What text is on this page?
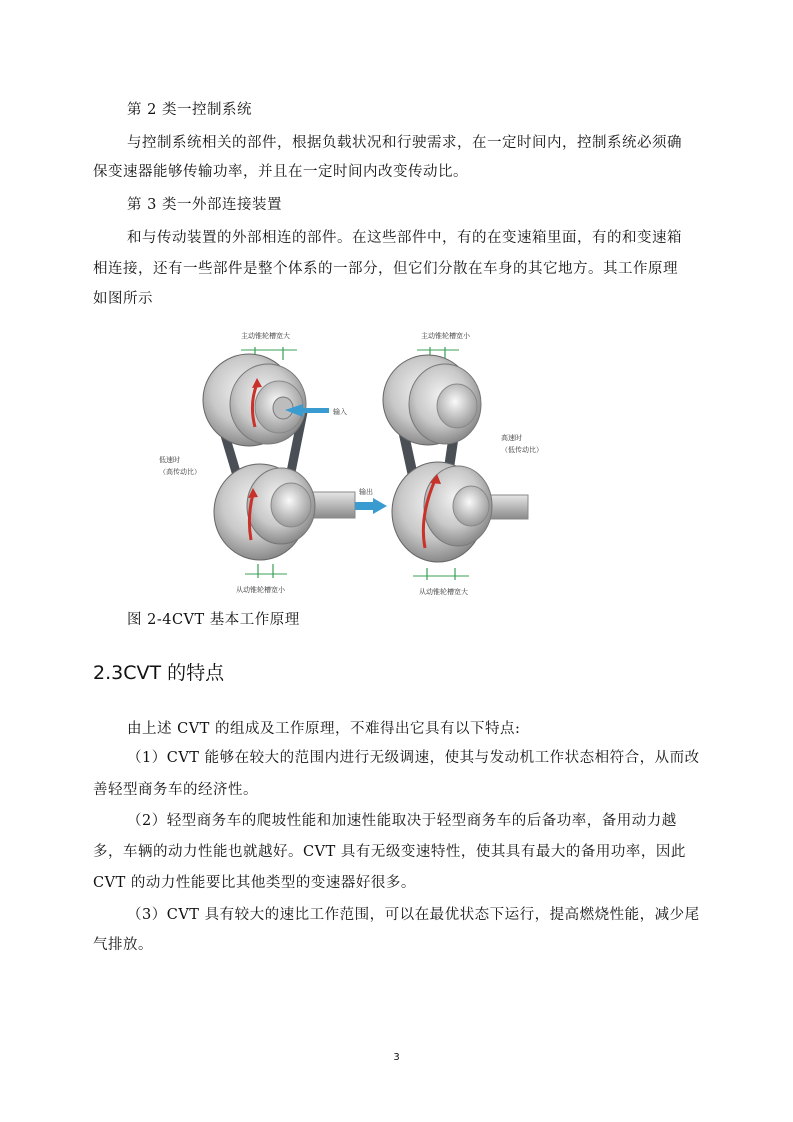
第 2 类一控制系统

与控制系统相关的部件，根据负载状况和行驶需求，在一定时间内，控制系统必须确

保变速器能够传输功率，并且在一定时间内改变传动比。

第 3 类一外部连接装置

和与传动装置的外部相连的部件。在这些部件中，有的在变速箱里面，有的和变速箱

相连接，还有一些部件是整个体系的一部分，但它们分散在车身的其它地方。其工作原理

如图所示

主动锥轮槽宽大
输入
低速时
（高传动比）
输出
从动锥轮槽宽小
主动锥轮槽宽小
高速时
（低传动比）
从动锥轮槽宽大
图 2-4CVT 基本工作原理
2.3CVT 的特点

由上述 CVT 的组成及工作原理，不难得出它具有以下特点:

（1）CVT 能够在较大的范围内进行无级调速，使其与发动机工作状态相符合，从而改

善轻型商务车的经济性。

（2）轻型商务车的爬坡性能和加速性能取决于轻型商务车的后备功率，备用动力越

多，车辆的动力性能也就越好。CVT 具有无级变速特性，使其具有最大的备用功率，因此

CVT 的动力性能要比其他类型的变速器好很多。

（3）CVT 具有较大的速比工作范围，可以在最优状态下运行，提高燃烧性能，减少尾

气排放。

3
